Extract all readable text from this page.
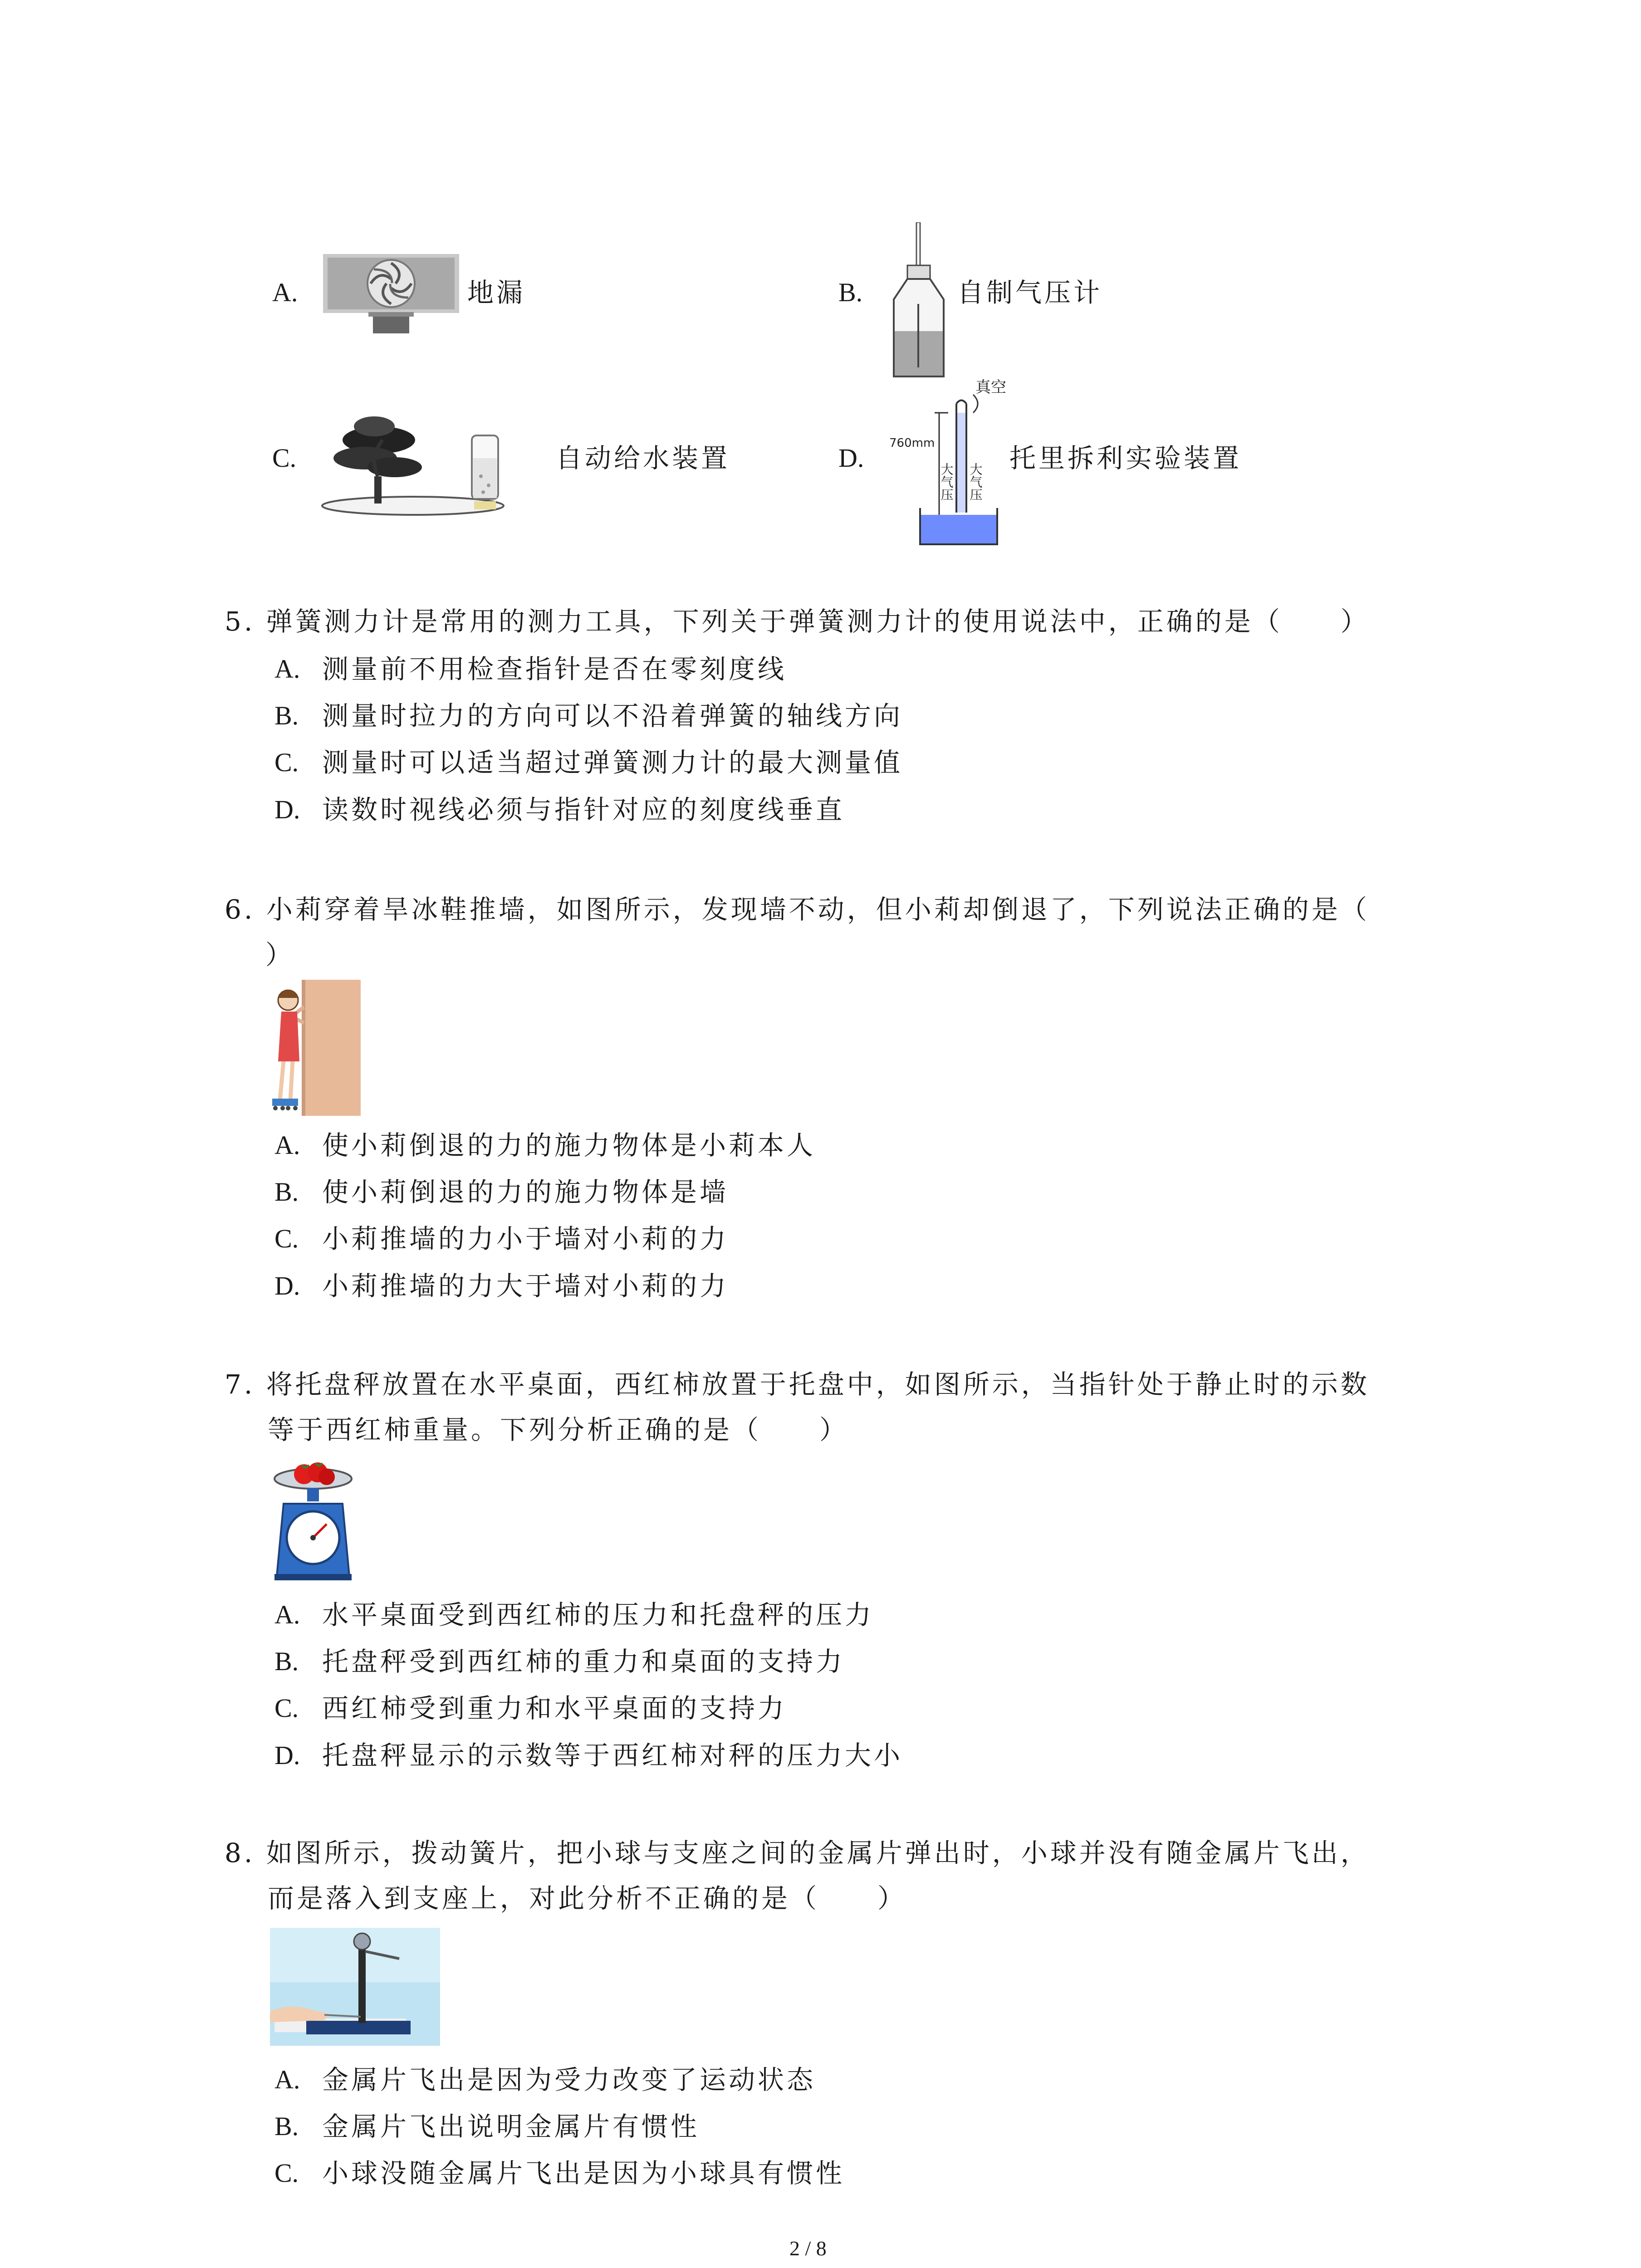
A.	地漏	B.	自制气压计
C.	自动给水装置	D.
真空
760mm
大气压 大气压
托里拆利实验装置
5. 弹簧测力计是常用的测力工具，下列关于弹簧测力计的使用说法中，正确的是（　　）
A. 测量前不用检查指针是否在零刻度线
B. 测量时拉力的方向可以不沿着弹簧的轴线方向
C. 测量时可以适当超过弹簧测力计的最大测量值
D. 读数时视线必须与指针对应的刻度线垂直
6. 小莉穿着旱冰鞋推墙，如图所示，发现墙不动，但小莉却倒退了，下列说法正确的是（
）
A. 使小莉倒退的力的施力物体是小莉本人
B. 使小莉倒退的力的施力物体是墙
C. 小莉推墙的力小于墙对小莉的力
D. 小莉推墙的力大于墙对小莉的力
7. 将托盘秤放置在水平桌面，西红柿放置于托盘中，如图所示，当指针处于静止时的示数
等于西红柿重量。下列分析正确的是（　　）
A. 水平桌面受到西红柿的压力和托盘秤的压力
B. 托盘秤受到西红柿的重力和桌面的支持力
C. 西红柿受到重力和水平桌面的支持力
D. 托盘秤显示的示数等于西红柿对秤的压力大小
8. 如图所示，拨动簧片，把小球与支座之间的金属片弹出时，小球并没有随金属片飞出，
而是落入到支座上，对此分析不正确的是（　　）
A. 金属片飞出是因为受力改变了运动状态
B. 金属片飞出说明金属片有惯性
C. 小球没随金属片飞出是因为小球具有惯性
2 / 8
